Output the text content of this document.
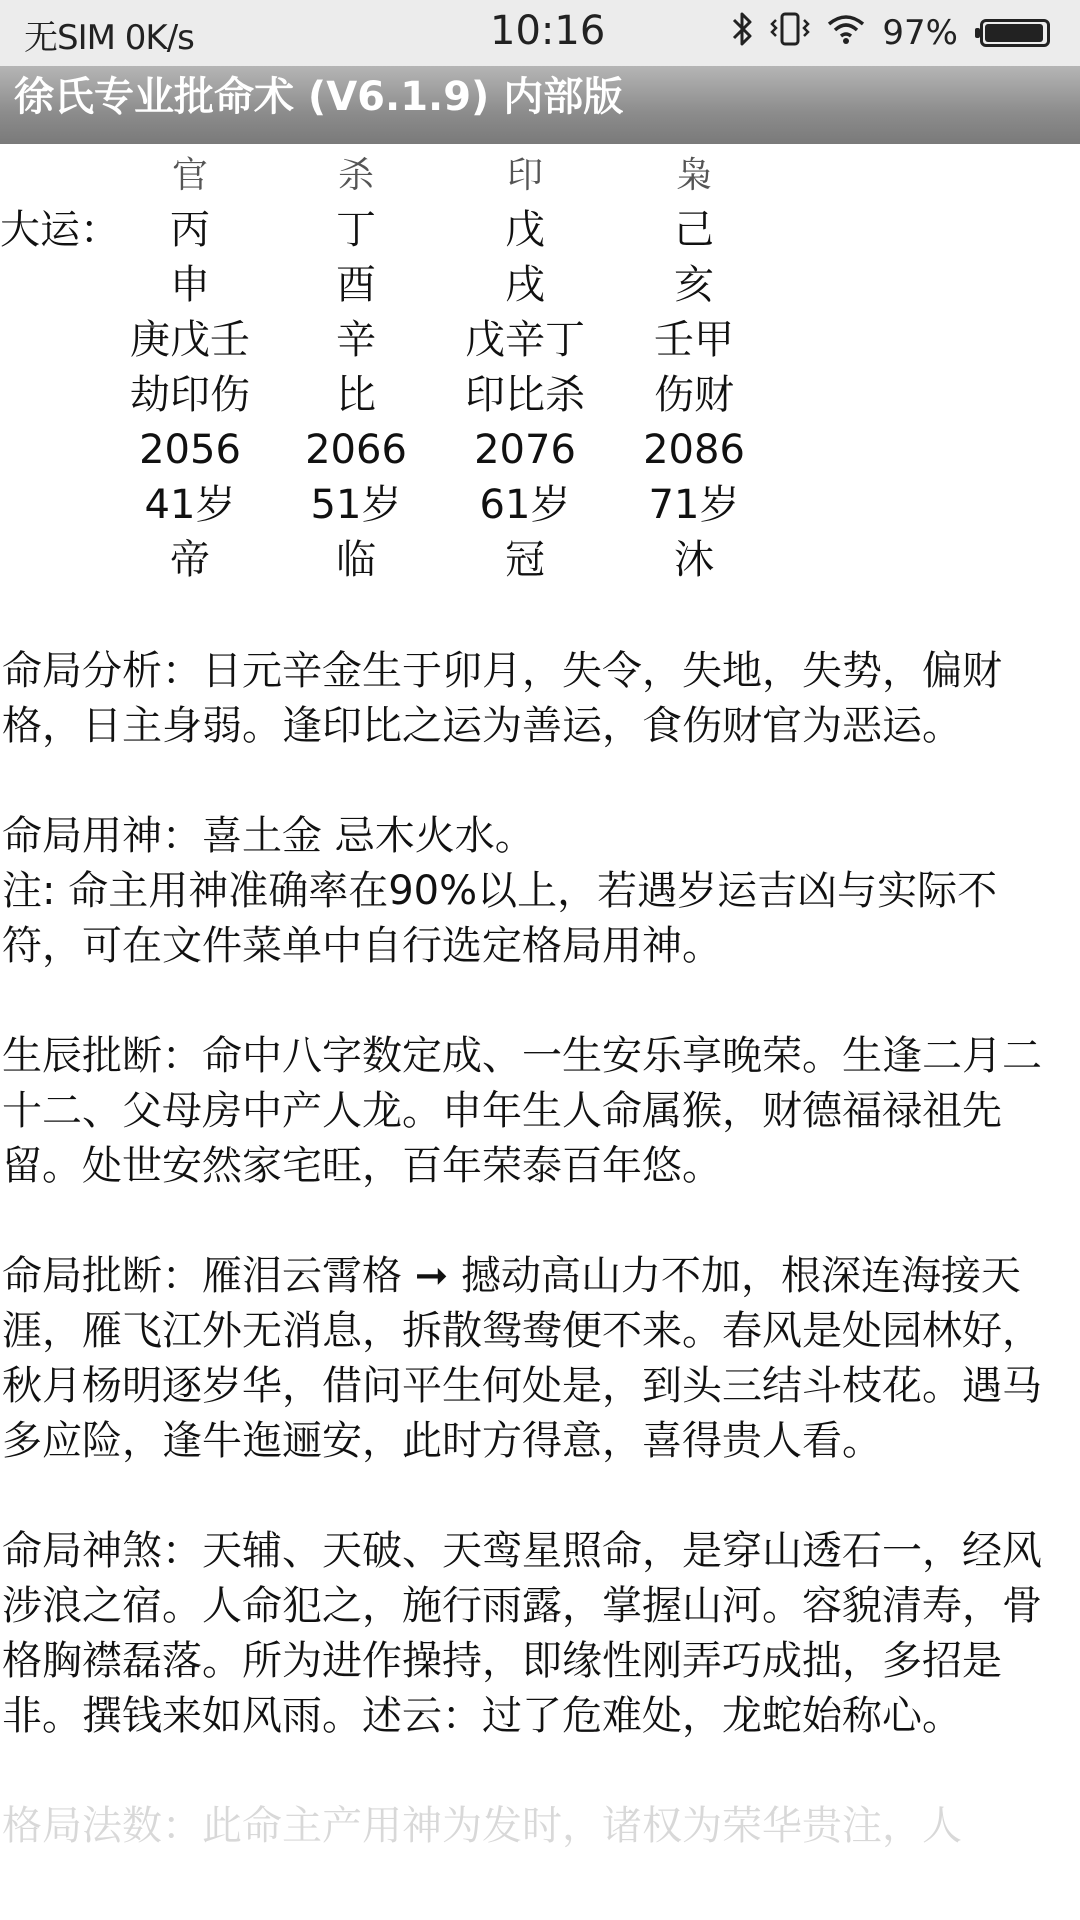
无SIM 0K/s	10:16	97%
徐氏专业批命术 (V6.1.9) 内部版
大运：
官	杀	印	枭
丙	丁	戊	己
申	酉	戌	亥
庚戊壬	辛	戊辛丁	壬甲
劫印伤	比	印比杀	伤财
2056	2066	2076	2086
41岁	51岁	61岁	71岁
帝	临	冠	沐

命局分析：日元辛金生于卯月，失令，失地，失势，偏财格，日主身弱。逢印比之运为善运，食伤财官为恶运。

命局用神：喜土金 忌木火水。

注: 命主用神准确率在90%以上，若遇岁运吉凶与实际不符，可在文件菜单中自行选定格局用神。

生辰批断：命中八字数定成、一生安乐享晚荣。生逢二月二十二、父母房中产人龙。申年生人命属猴，财德福禄祖先留。处世安然家宅旺，百年荣泰百年悠。

命局批断：雁泪云霄格 ➞ 撼动高山力不加，根深连海接天涯，雁飞江外无消息，拆散鸳鸯便不来。春风是处园林好，秋月杨明逐岁华，借问平生何处是，到头三结斗枝花。遇马多应险，逢牛迤逦安，此时方得意，喜得贵人看。

命局神煞：天辅、天破、天鸾星照命，是穿山透石一，经风涉浪之宿。人命犯之，施行雨露，掌握山河。容貌清寿，骨格胸襟磊落。所为进作操持，即缘性刚弄巧成拙，多招是非。撰钱来如风雨。述云：过了危难处，龙蛇始称心。

格局法数：此命主产用神为发时，诸权为荣华贵注，人
